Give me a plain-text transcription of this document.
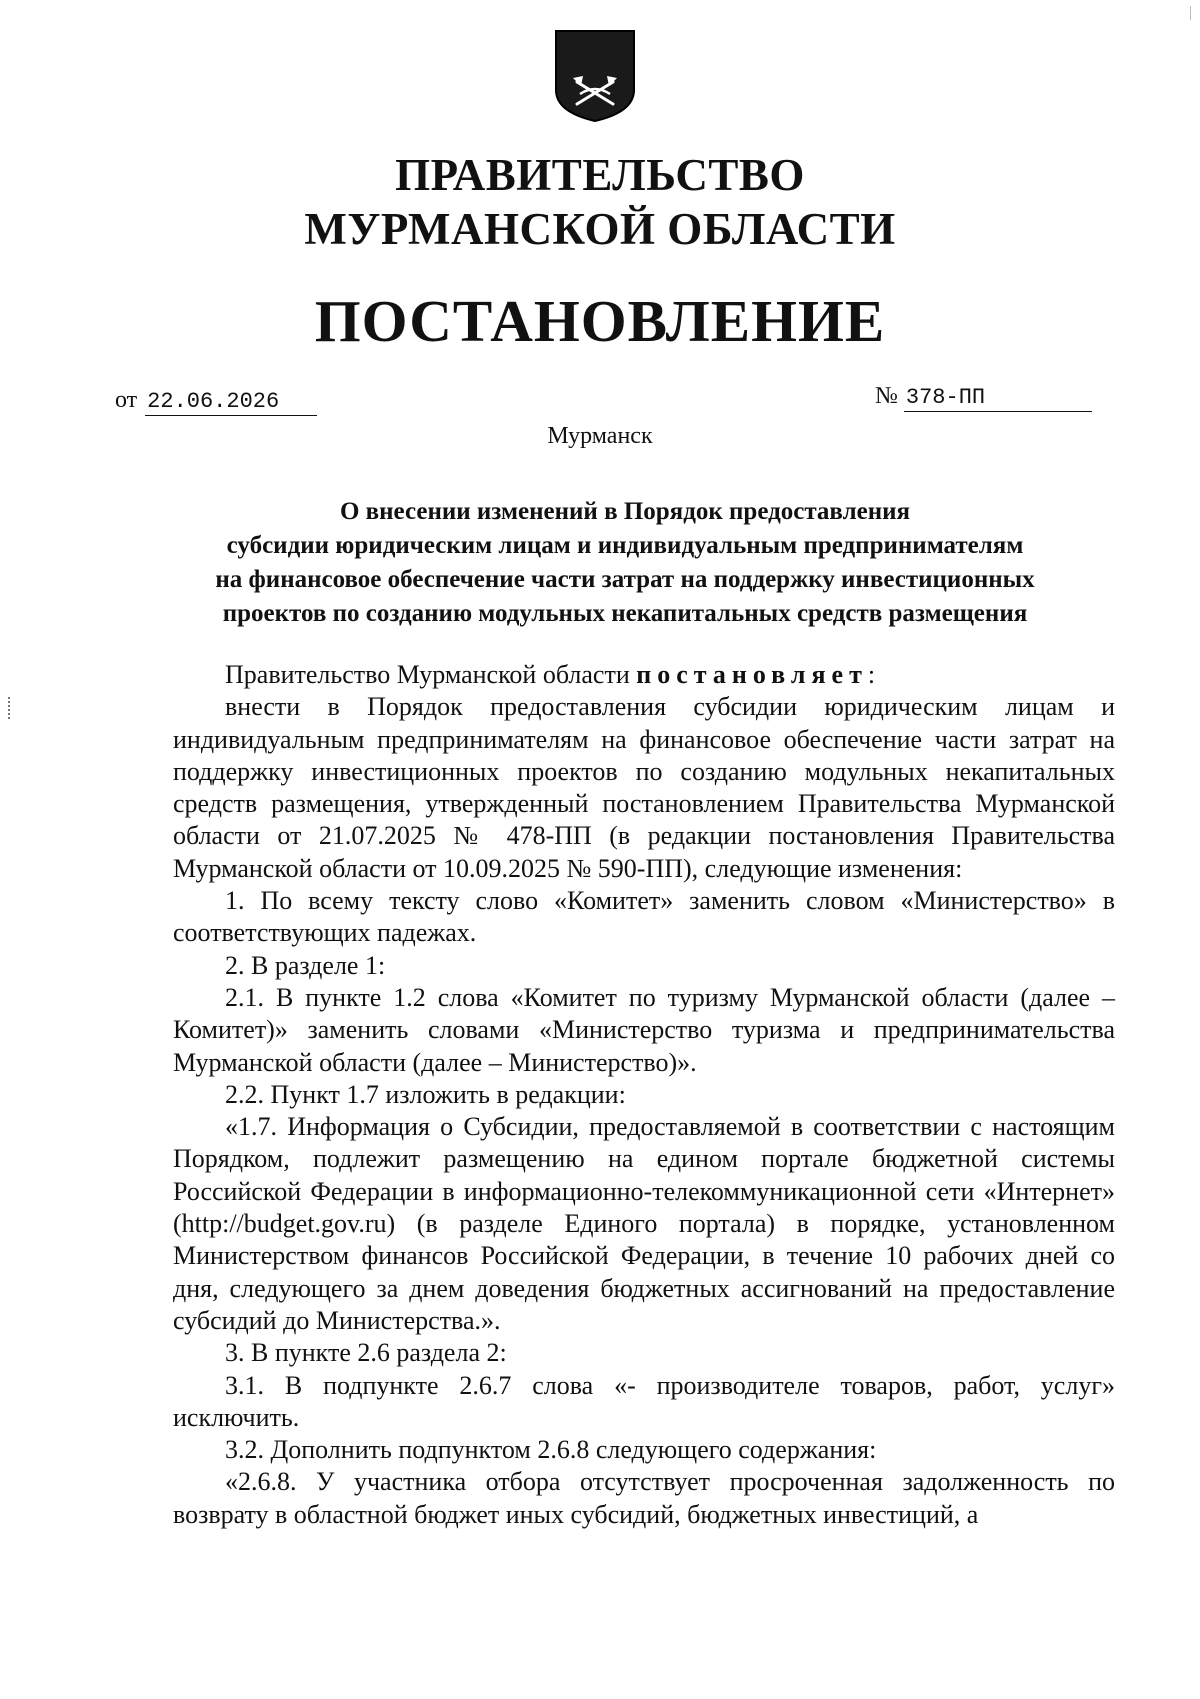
ПРАВИТЕЛЬСТВО
МУРМАНСКОЙ ОБЛАСТИ
ПОСТАНОВЛЕНИЕ
от 22.06.2026	№ 378-ПП
Мурманск
О внесении изменений в Порядок предоставления
субсидии юридическим лицам и индивидуальным предпринимателям
на финансовое обеспечение части затрат на поддержку инвестиционных
проектов по созданию модульных некапитальных средств размещения

Правительство Мурманской области постановляет:

внести в Порядок предоставления субсидии юридическим лицам и индивидуальным предпринимателям на финансовое обеспечение части затрат на поддержку инвестиционных проектов по созданию модульных некапитальных средств размещения, утвержденный постановлением Правительства Мурманской области от 21.07.2025 № 478-ПП (в редакции постановления Правительства Мурманской области от 10.09.2025 № 590-ПП), следующие изменения:

1. По всему тексту слово «Комитет» заменить словом «Министерство» в соответствующих падежах.

2. В разделе 1:

2.1. В пункте 1.2 слова «Комитет по туризму Мурманской области (далее – Комитет)» заменить словами «Министерство туризма и предпринимательства Мурманской области (далее – Министерство)».

2.2. Пункт 1.7 изложить в редакции:

«1.7. Информация о Субсидии, предоставляемой в соответствии с настоящим Порядком, подлежит размещению на едином портале бюджетной системы Российской Федерации в информационно-телекоммуникационной сети «Интернет» (http://budget.gov.ru) (в разделе Единого портала) в порядке, установленном Министерством финансов Российской Федерации, в течение 10 рабочих дней со дня, следующего за днем доведения бюджетных ассигнований на предоставление субсидий до Министерства.».

3. В пункте 2.6 раздела 2:

3.1. В подпункте 2.6.7 слова «- производителе товаров, работ, услуг» исключить.

3.2. Дополнить подпунктом 2.6.8 следующего содержания:

«2.6.8. У участника отбора отсутствует просроченная задолженность по возврату в областной бюджет иных субсидий, бюджетных инвестиций, а
